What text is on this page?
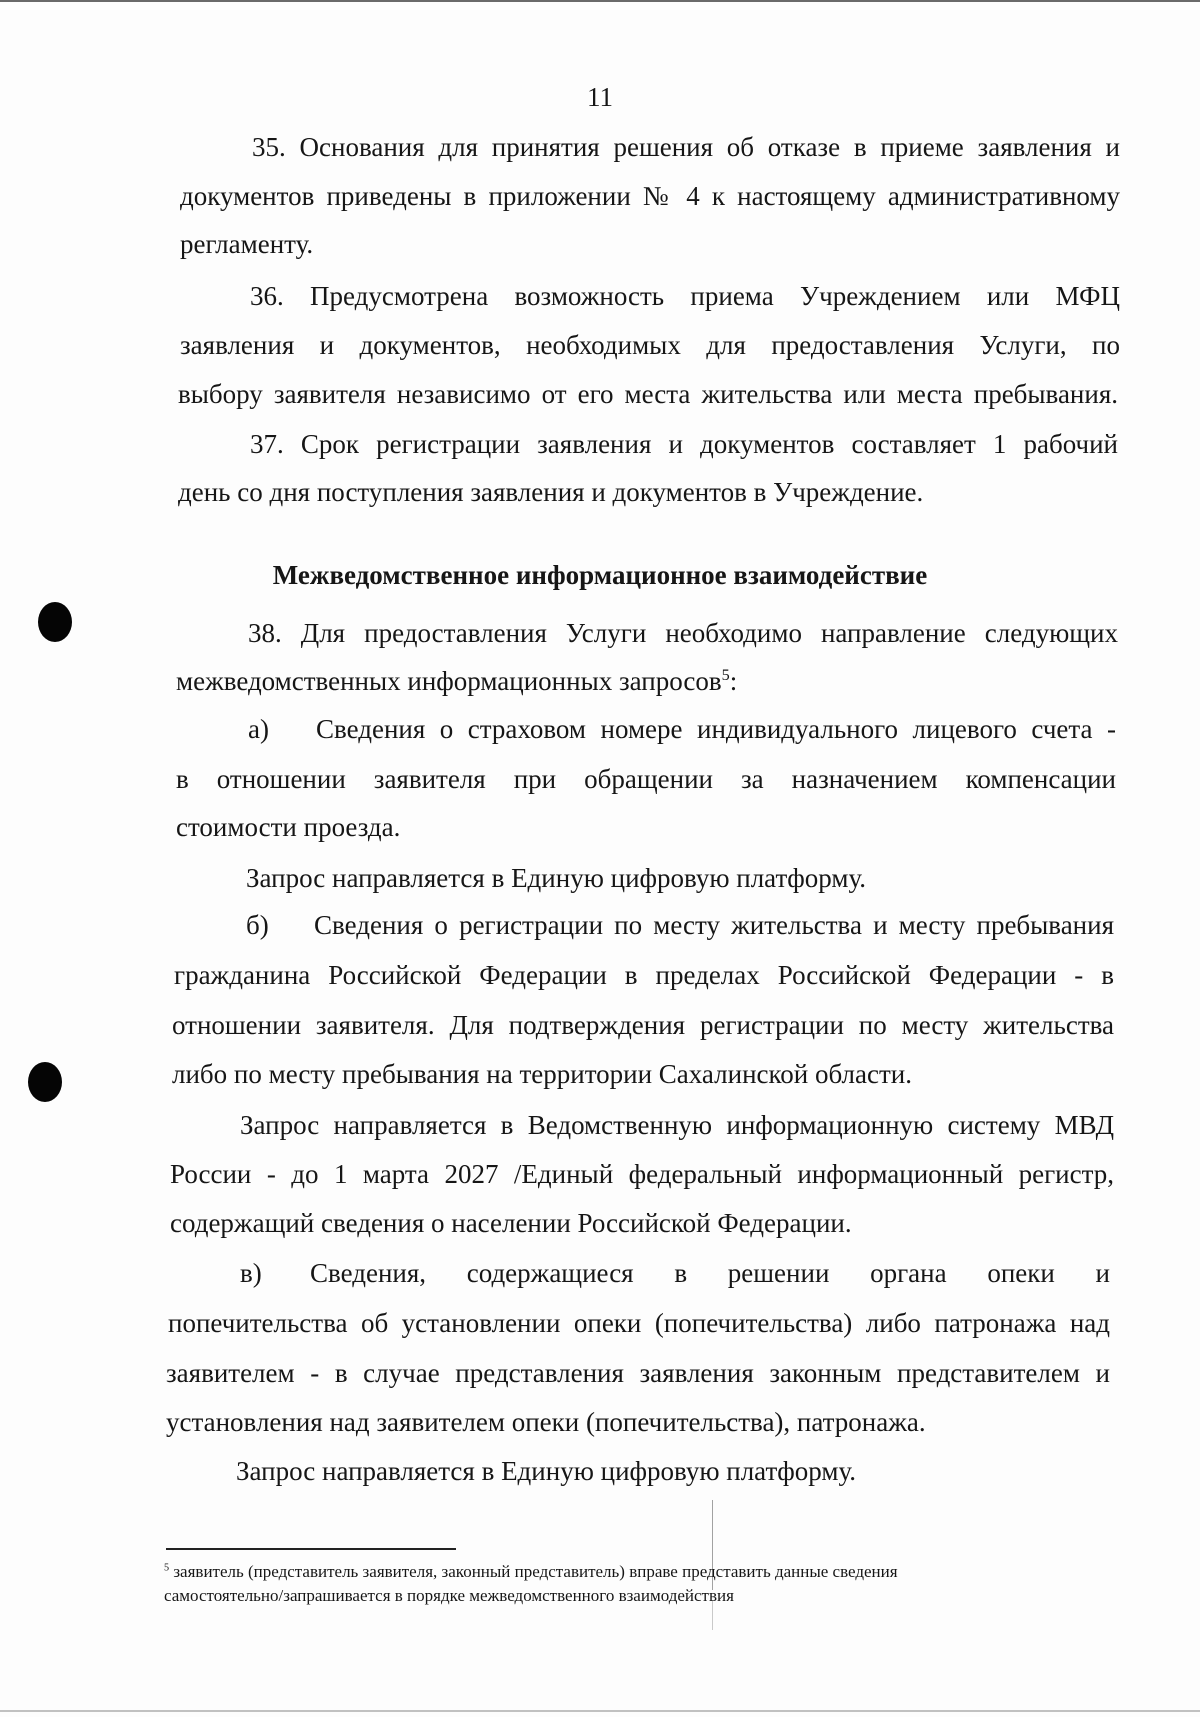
11
35. Основания для принятия решения об отказе в приеме заявления и
документов приведены в приложении № 4 к настоящему административному
регламенту.
36. Предусмотрена возможность приема Учреждением или МФЦ
заявления и документов, необходимых для предоставления Услуги, по
выбору заявителя независимо от его места жительства или места пребывания.
37. Срок регистрации заявления и документов составляет 1 рабочий
день со дня поступления заявления и документов в Учреждение.
Межведомственное информационное взаимодействие
38. Для предоставления Услуги необходимо направление следующих
межведомственных информационных запросов$^5$:
а) Сведения о страховом номере индивидуального лицевого счета -
в отношении заявителя при обращении за назначением компенсации
стоимости проезда.
Запрос направляется в Единую цифровую платформу.
б) Сведения о регистрации по месту жительства и месту пребывания
гражданина Российской Федерации в пределах Российской Федерации - в
отношении заявителя. Для подтверждения регистрации по месту жительства
либо по месту пребывания на территории Сахалинской области.
Запрос направляется в Ведомственную информационную систему МВД
России - до 1 марта 2027 /Единый федеральный информационный регистр,
содержащий сведения о населении Российской Федерации.
в) Сведения, содержащиеся в решении органа опеки и
попечительства об установлении опеки (попечительства) либо патронажа над
заявителем - в случае представления заявления законным представителем и
установления над заявителем опеки (попечительства), патронажа.
Запрос направляется в Единую цифровую платформу.
$^5$ заявитель (представитель заявителя, законный представитель) вправе представить данные сведения
самостоятельно/запрашивается в порядке межведомственного взаимодействия
